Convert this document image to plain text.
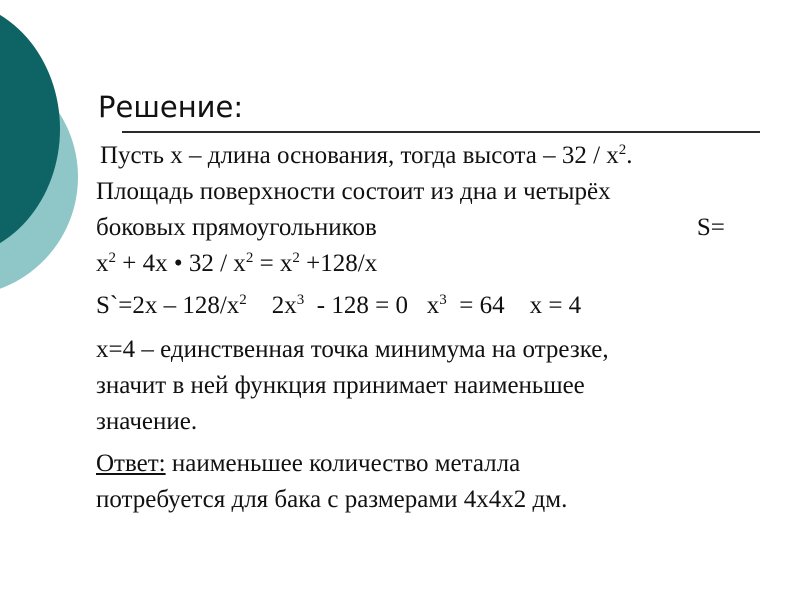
Решение:

Пусть х – длина основания, тогда высота – $32 / х^2$.
Площадь поверхности состоит из дна и четырёх
боковых прямоугольников	S=
$х^2 + 4х$ • $32 / х^2 = х^2 +128/х$

S`=2х – $128/х^2$    $2х^3 - 128 = 0$   $х^3 = 64$    х = 4

х=4 – единственная точка минимума на отрезке,
значит в ней функция принимает наименьшее
значение.

Ответ: наименьшее количество металла
потребуется для бака с размерами 4х4х2 дм.
